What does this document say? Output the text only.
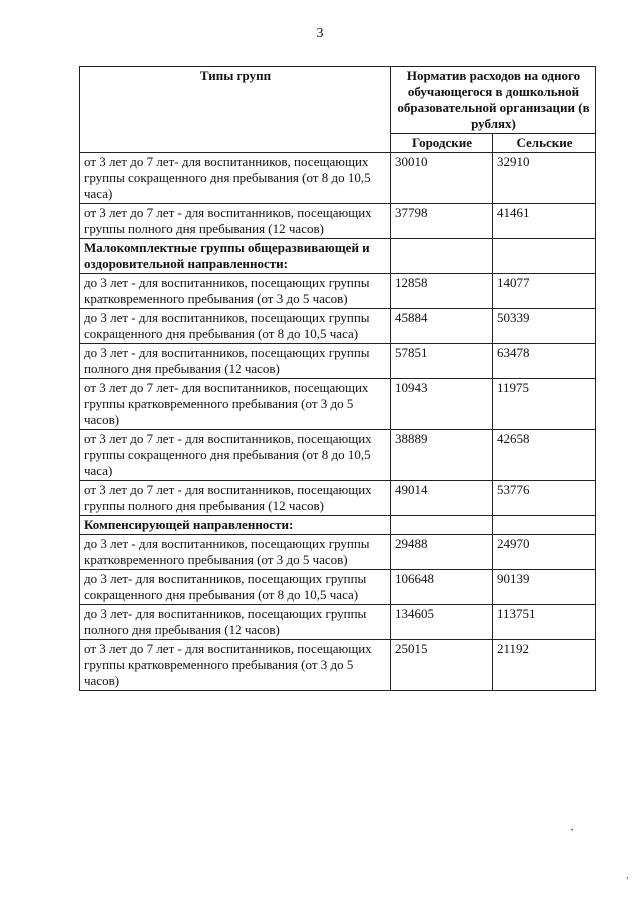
3
Типы групп	Норматив расходов на одного обучающегося в дошкольной образовательной организации (в рублях)	
	Городские	Сельские
от 3 лет до 7 лет- для воспитанников, посещающих группы сокращенного дня пребывания (от 8 до 10,5 часа)	30010	32910
от 3 лет до 7 лет - для воспитанников, посещающих группы полного дня пребывания (12 часов)	37798	41461
Малокомплектные группы общеразвивающей и оздоровительной направленности:		
до 3 лет - для воспитанников, посещающих группы кратковременного пребывания (от 3 до 5 часов)	12858	14077
до 3 лет - для воспитанников, посещающих группы сокращенного дня пребывания (от 8 до 10,5 часа)	45884	50339
до 3 лет - для воспитанников, посещающих группы полного дня пребывания (12 часов)	57851	63478
от 3 лет до 7 лет- для воспитанников, посещающих группы кратковременного пребывания (от 3 до 5 часов)	10943	11975
от 3 лет до 7 лет - для воспитанников, посещающих группы сокращенного дня пребывания (от 8 до 10,5 часа)	38889	42658
от 3 лет до 7 лет - для воспитанников, посещающих группы полного дня пребывания (12 часов)	49014	53776
Компенсирующей направленности:		
до 3 лет - для воспитанников, посещающих группы кратковременного пребывания (от 3 до 5 часов)	29488	24970
до 3 лет- для воспитанников, посещающих группы сокращенного дня пребывания (от 8 до 10,5 часа)	106648	90139
до 3 лет- для воспитанников, посещающих группы полного дня пребывания (12 часов)	134605	113751
от 3 лет до 7 лет - для воспитанников, посещающих группы кратковременного пребывания (от 3 до 5 часов)	25015	21192
·
,
